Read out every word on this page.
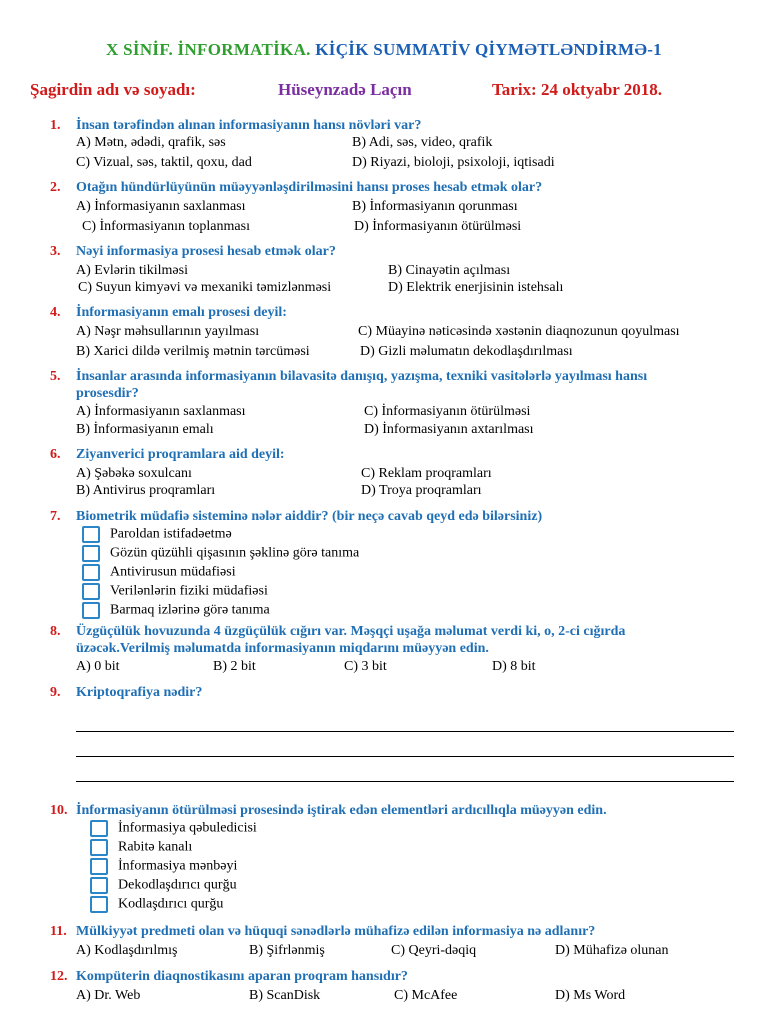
X SİNİF. İNFORMATİKA. KİÇİK SUMMATİV QİYMƏTLƏNDİRMƏ-1
Şagirdin adı və soyadı:	Hüseynzadə Laçın	Tarix: 24 oktyabr 2018.
1. İnsan tərəfindən alınan informasiyanın hansı növləri var?
A) Mətn, ədədi, qrafik, səs	B) Adi, səs, video, qrafik
C) Vizual, səs, taktil, qoxu, dad	D) Riyazi, bioloji, psixoloji, iqtisadi
2. Otağın hündürlüyünün müəyyənləşdirilməsini hansı proses hesab etmək olar?
A) İnformasiyanın saxlanması	B) İnformasiyanın qorunması
C) İnformasiyanın toplanması	D) İnformasiyanın ötürülməsi
3. Nəyi informasiya prosesi hesab etmək olar?
A) Evlərin tikilməsi	B) Cinayətin açılması
C) Suyun kimyəvi və mexaniki təmizlənməsi	D) Elektrik enerjisinin istehsalı
4. İnformasiyanın emalı prosesi deyil:
A) Nəşr məhsullarının yayılması	C) Müayinə nəticəsində xəstənin diaqnozunun qoyulması
B) Xarici dildə verilmiş mətnin tərcüməsi	D) Gizli məlumatın dekodlaşdırılması
5. İnsanlar arasında informasiyanın bilavasitə danışıq, yazışma, texniki vasitələrlə yayılması hansı
prosesdir?
A) İnformasiyanın saxlanması	C) İnformasiyanın ötürülməsi
B) İnformasiyanın emalı	D) İnformasiyanın axtarılması
6. Ziyanverici proqramlara aid deyil:
A) Şəbəkə soxulcanı	C) Reklam proqramları
B) Antivirus proqramları	D) Troya proqramları
7. Biometrik müdafiə sisteminə nələr aiddir? (bir neçə cavab qeyd edə bilərsiniz)
Paroldan istifadəetmə
Gözün qüzühli qişasının şəklinə görə tanıma
Antivirusun müdafiəsi
Verilənlərin fiziki müdafiəsi
Barmaq izlərinə görə tanıma
8. Üzgüçülük hovuzunda 4 üzgüçülük cığırı var. Məşqçi uşağa məlumat verdi ki, o, 2-ci cığırda
üzəcək.Verilmiş məlumatda informasiyanın miqdarını müəyyən edin.
A) 0 bit	B) 2 bit	C) 3 bit	D) 8 bit
9. Kriptoqrafiya nədir?
10. İnformasiyanın ötürülməsi prosesində iştirak edən elementləri ardıcıllıqla müəyyən edin.
İnformasiya qəbuledicisi
Rabitə kanalı
İnformasiya mənbəyi
Dekodlaşdırıcı qurğu
Kodlaşdırıcı qurğu
11. Mülkiyyət predmeti olan və hüquqi sənədlərlə mühafizə edilən informasiya nə adlanır?
A) Kodlaşdırılmış	B) Şifrlənmiş	C) Qeyri-dəqiq	D) Mühafizə olunan
12. Kompüterin diaqnostikasını aparan proqram hansıdır?
A) Dr. Web	B) ScanDisk	C) McAfee	D) Ms Word
